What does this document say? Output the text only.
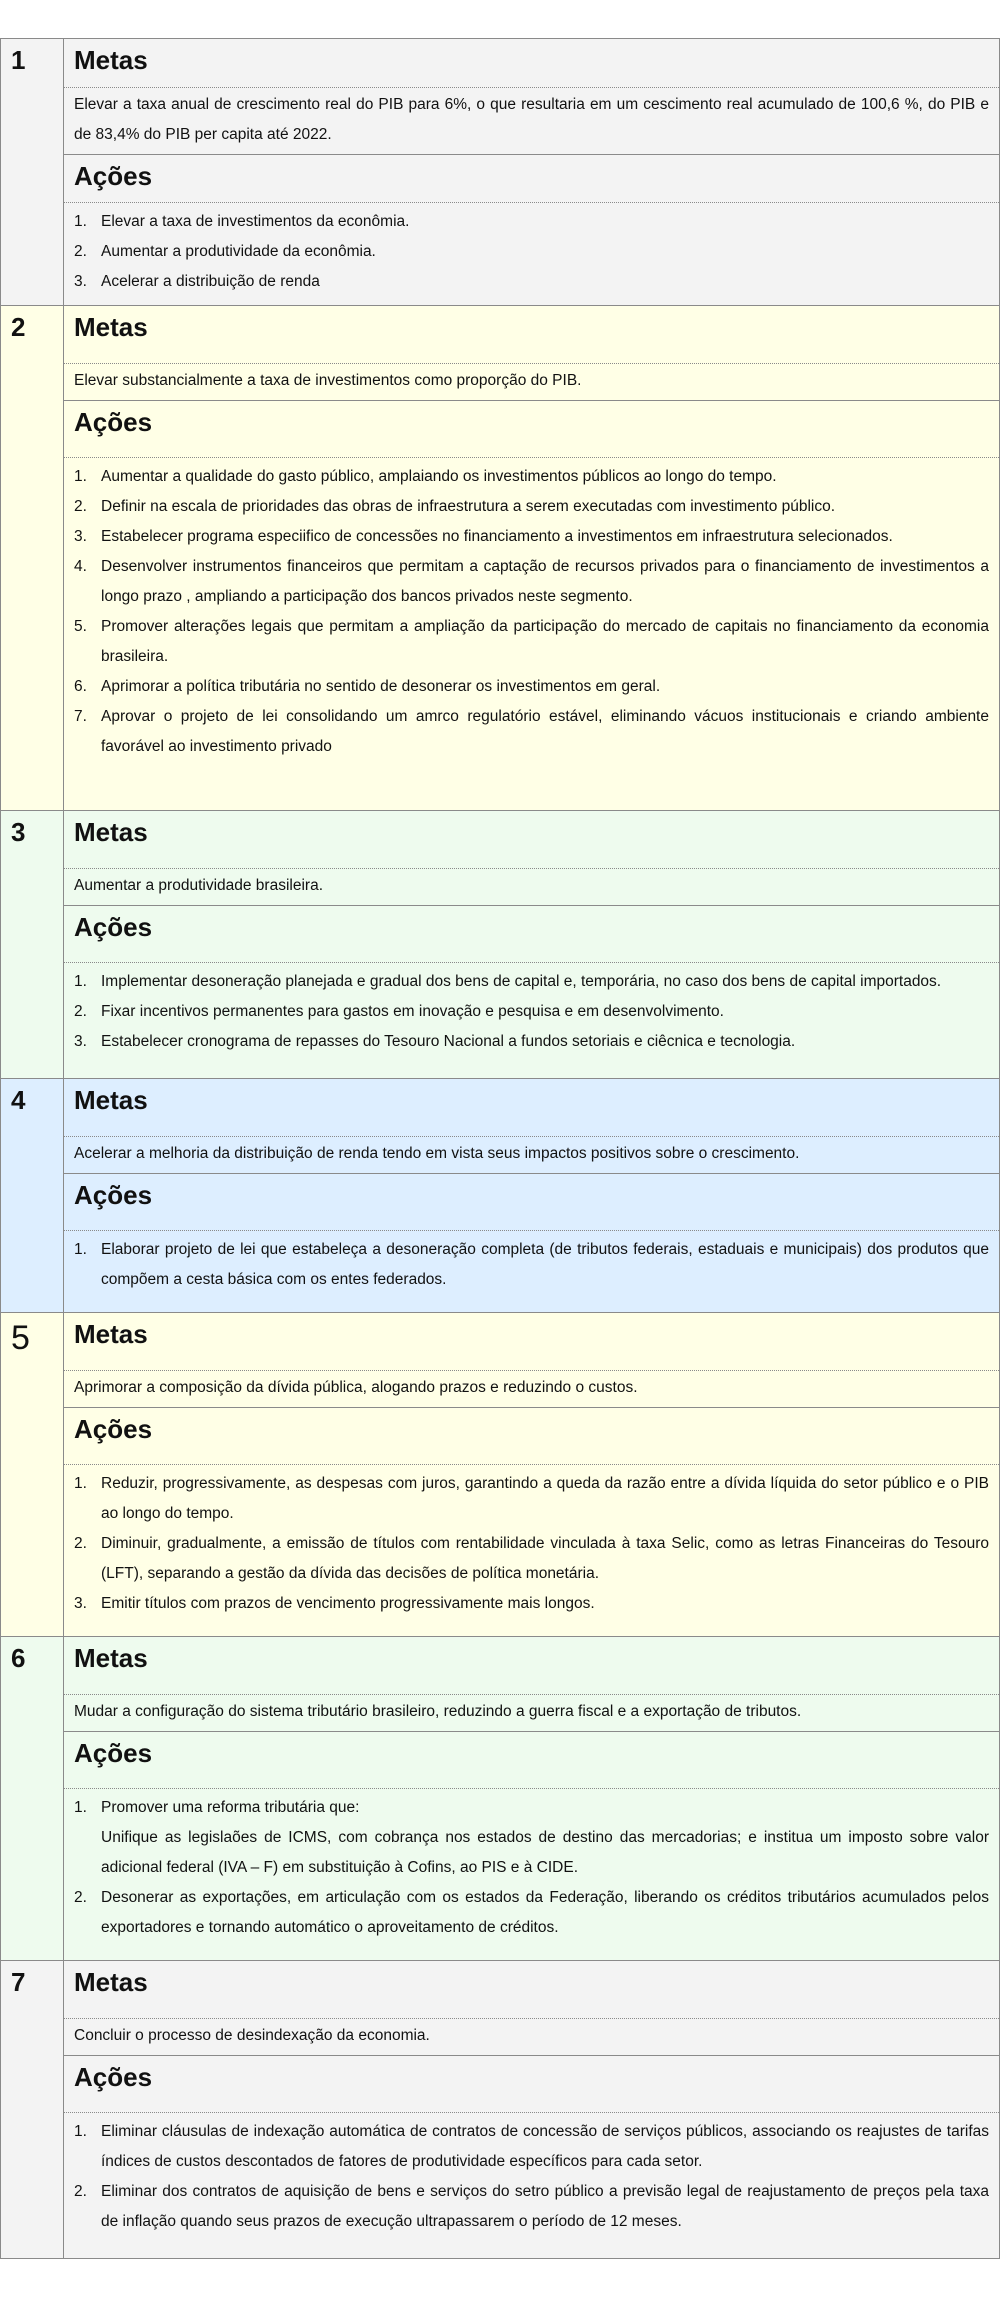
1	Metas
Elevar a taxa anual de crescimento real do PIB para 6%, o que resultaria em um cescimento real acumulado de 100,6 %, do PIB e de 83,4% do PIB per capita até 2022.
Ações
1. Elevar a taxa de investimentos da econômia.
2. Aumentar a produtividade da econômia.
3. Acelerar a distribuição de renda
2	Metas
Elevar substancialmente a taxa de investimentos como proporção do PIB.
Ações
1. Aumentar a qualidade do gasto público, amplaiando os investimentos públicos ao longo do tempo.
2. Definir na escala de prioridades das obras de infraestrutura a serem executadas com investimento público.
3. Estabelecer programa especiifico de concessões no financiamento a investimentos em infraestrutura selecionados.
4. Desenvolver instrumentos financeiros que permitam a captação de recursos privados para o financiamento de investimentos a longo prazo , ampliando a participação dos bancos privados neste segmento.
5. Promover alterações legais que permitam a ampliação da participação do mercado de capitais no financiamento da economia brasileira.
6. Aprimorar a política tributária no sentido de desonerar os investimentos em geral.
7. Aprovar o projeto de lei consolidando um amrco regulatório estável, eliminando vácuos institucionais e criando ambiente favorável ao investimento privado
3	Metas
Aumentar a produtividade brasileira.
Ações
1. Implementar desoneração planejada e gradual dos bens de capital e, temporária, no caso dos bens de capital importados.
2. Fixar incentivos permanentes para gastos em inovação e pesquisa e em desenvolvimento.
3. Estabelecer cronograma de repasses do Tesouro Nacional a fundos setoriais e ciêcnica e tecnologia.
4	Metas
Acelerar a melhoria da distribuição de renda tendo em vista seus impactos positivos sobre o crescimento.
Ações
1. Elaborar projeto de lei que estabeleça a desoneração completa (de tributos federais, estaduais e municipais) dos produtos que compõem a cesta básica com os entes federados.
5	Metas
Aprimorar a composição da dívida pública, alogando prazos e reduzindo o custos.
Ações
1. Reduzir, progressivamente, as despesas com juros, garantindo a queda da razão entre a dívida líquida do setor público e o PIB ao longo do tempo.
2. Diminuir, gradualmente, a emissão de títulos com rentabilidade vinculada à taxa Selic, como as letras Financeiras do Tesouro (LFT), separando a gestão da dívida das decisões de política monetária.
3. Emitir títulos com prazos de vencimento progressivamente mais longos.
6	Metas
Mudar a configuração do sistema tributário brasileiro, reduzindo a guerra fiscal e a exportação de tributos.
Ações
1. Promover uma reforma tributária que:
Unifique as legislaões de ICMS, com cobrança nos estados de destino das mercadorias; e institua um imposto sobre valor adicional federal (IVA – F) em substituição à Cofins, ao PIS e à CIDE.
2. Desonerar as exportações, em articulação com os estados da Federação, liberando os créditos tributários acumulados pelos exportadores e tornando automático o aproveitamento de créditos.
7	Metas
Concluir o processo de desindexação da economia.
Ações
1. Eliminar cláusulas de indexação automática de contratos de concessão de serviços públicos, associando os reajustes de tarifas índices de custos descontados de fatores de produtividade específicos para cada setor.
2. Eliminar dos contratos de aquisição de bens e serviços do setro público a previsão legal de reajustamento de preços pela taxa de inflação quando seus prazos de execução ultrapassarem o período de 12 meses.
